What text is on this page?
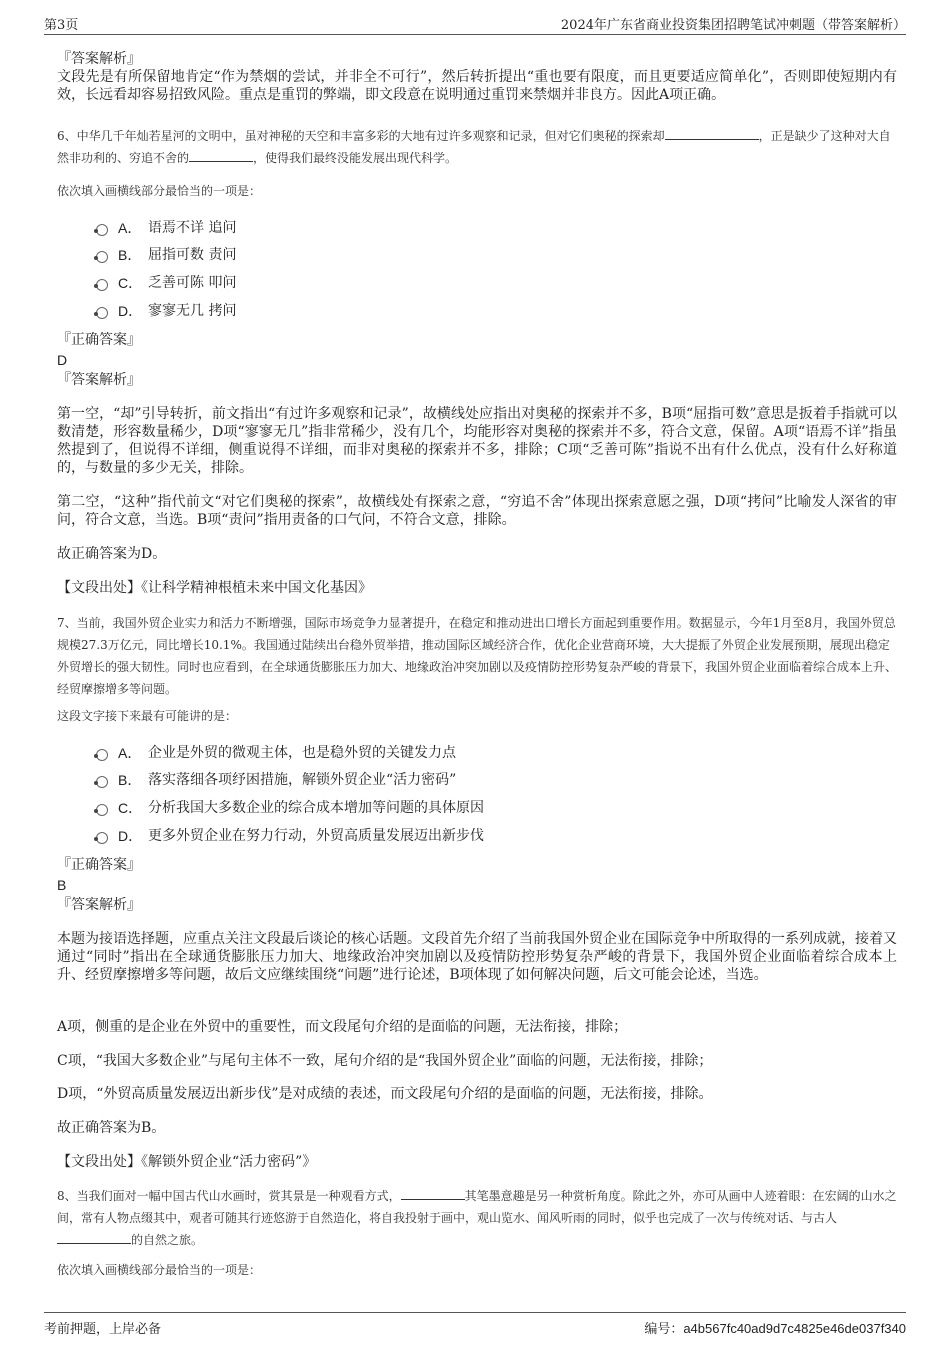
第3页	2024年广东省商业投资集团招聘笔试冲刺题（带答案解析）

『答案解析』

文段先是有所保留地肯定“作为禁烟的尝试，并非全不可行”，然后转折提出“重也要有限度，而且更要适应简单化”，否则即使短期内有效，长远看却容易招致风险。重点是重罚的弊端，即文段意在说明通过重罚来禁烟并非良方。因此A项正确。

6、中华几千年灿若星河的文明中，虽对神秘的天空和丰富多彩的大地有过许多观察和记录，但对它们奥秘的探索却	，正是缺少了这种对大自然非功利的、穷追不舍的	，使得我们最终没能发展出现代科学。

依次填入画横线部分最恰当的一项是：

A． 语焉不详 追问
B． 屈指可数 责问
C． 乏善可陈 叩问
D． 寥寥无几 拷问

『正确答案』

D

『答案解析』

第一空，“却”引导转折，前文指出“有过许多观察和记录”，故横线处应指出对奥秘的探索并不多，B项“屈指可数”意思是扳着手指就可以数清楚，形容数量稀少，D项“寥寥无几”指非常稀少，没有几个，均能形容对奥秘的探索并不多，符合文意，保留。A项“语焉不详”指虽然提到了，但说得不详细，侧重说得不详细，而非对奥秘的探索并不多，排除；C项“乏善可陈”指说不出有什么优点，没有什么好称道的，与数量的多少无关，排除。

第二空，“这种”指代前文“对它们奥秘的探索”，故横线处有探索之意，“穷追不舍”体现出探索意愿之强，D项“拷问”比喻发人深省的审问，符合文意，当选。B项“责问”指用责备的口气问，不符合文意，排除。

故正确答案为D。

【文段出处】《让科学精神根植未来中国文化基因》

7、当前，我国外贸企业实力和活力不断增强，国际市场竞争力显著提升，在稳定和推动进出口增长方面起到重要作用。数据显示，今年1月至8月，我国外贸总规模27.3万亿元，同比增长10.1%。我国通过陆续出台稳外贸举措，推动国际区域经济合作，优化企业营商环境，大大提振了外贸企业发展预期，展现出稳定外贸增长的强大韧性。同时也应看到，在全球通货膨胀压力加大、地缘政治冲突加剧以及疫情防控形势复杂严峻的背景下，我国外贸企业面临着综合成本上升、经贸摩擦增多等问题。

这段文字接下来最有可能讲的是：

A． 企业是外贸的微观主体，也是稳外贸的关键发力点
B． 落实落细各项纾困措施，解锁外贸企业“活力密码”
C． 分析我国大多数企业的综合成本增加等问题的具体原因
D． 更多外贸企业在努力行动，外贸高质量发展迈出新步伐

『正确答案』

B

『答案解析』

本题为接语选择题，应重点关注文段最后谈论的核心话题。文段首先介绍了当前我国外贸企业在国际竞争中所取得的一系列成就，接着又通过“同时”指出在全球通货膨胀压力加大、地缘政治冲突加剧以及疫情防控形势复杂严峻的背景下，我国外贸企业面临着综合成本上升、经贸摩擦增多等问题，故后文应继续围绕“问题”进行论述，B项体现了如何解决问题，后文可能会论述，当选。

A项，侧重的是企业在外贸中的重要性，而文段尾句介绍的是面临的问题，无法衔接，排除；

C项，“我国大多数企业”与尾句主体不一致，尾句介绍的是“我国外贸企业”面临的问题，无法衔接，排除；

D项，“外贸高质量发展迈出新步伐”是对成绩的表述，而文段尾句介绍的是面临的问题，无法衔接，排除。

故正确答案为B。

【文段出处】《解锁外贸企业“活力密码”》

8、当我们面对一幅中国古代山水画时，赏其景是一种观看方式，	其笔墨意趣是另一种赏析角度。除此之外，亦可从画中人迹着眼：在宏阔的山水之间，常有人物点缀其中，观者可随其行迹悠游于自然造化，将自我投射于画中，观山览水、闻风听雨的同时，似乎也完成了一次与传统对话、与古人的自然之旅。

依次填入画横线部分最恰当的一项是：

考前押题，上岸必备	编号：a4b567fc40ad9d7c4825e46de037f340
